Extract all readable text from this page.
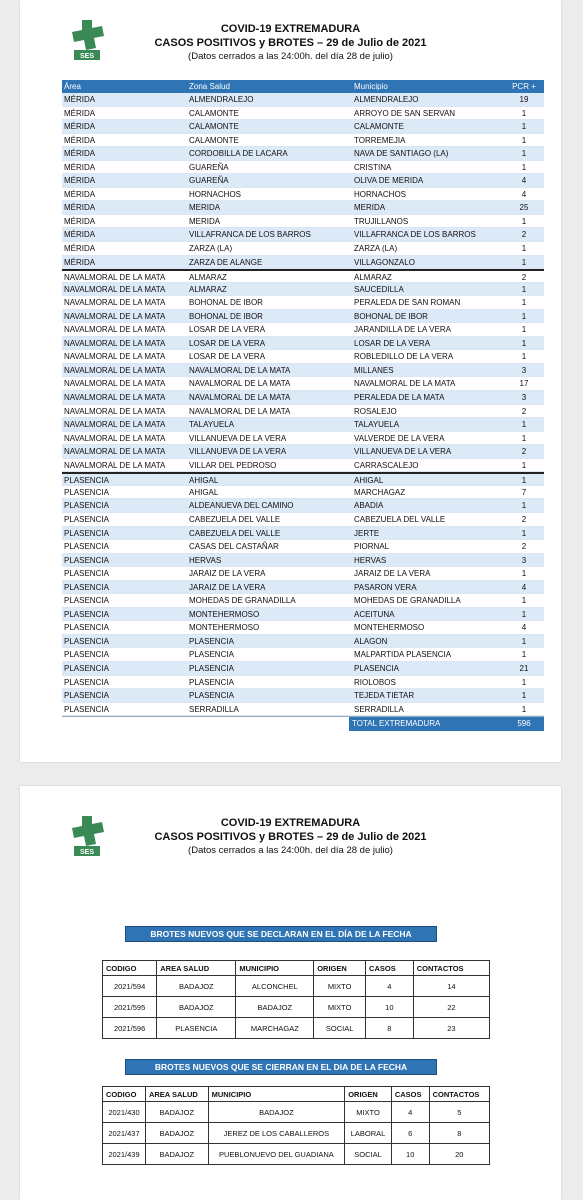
SES
COVID-19 EXTREMADURA
CASOS POSITIVOS y BROTES – 29 de Julio de 2021
(Datos cerrados a las 24:00h. del día 28 de julio)
Área	Zona Salud	Municipio	PCR +
MÉRIDA	ALMENDRALEJO	ALMENDRALEJO	19
MÉRIDA	CALAMONTE	ARROYO DE SAN SERVAN	1
MÉRIDA	CALAMONTE	CALAMONTE	1
MÉRIDA	CALAMONTE	TORREMEJIA	1
MÉRIDA	CORDOBILLA DE LACARA	NAVA DE SANTIAGO (LA)	1
MÉRIDA	GUAREÑA	CRISTINA	1
MÉRIDA	GUAREÑA	OLIVA DE MERIDA	4
MÉRIDA	HORNACHOS	HORNACHOS	4
MÉRIDA	MERIDA	MERIDA	25
MÉRIDA	MERIDA	TRUJILLANOS	1
MÉRIDA	VILLAFRANCA DE LOS BARROS	VILLAFRANCA DE LOS BARROS	2
MÉRIDA	ZARZA (LA)	ZARZA (LA)	1
MÉRIDA	ZARZA DE ALANGE	VILLAGONZALO	1
NAVALMORAL DE LA MATA	ALMARAZ	ALMARAZ	2
NAVALMORAL DE LA MATA	ALMARAZ	SAUCEDILLA	1
NAVALMORAL DE LA MATA	BOHONAL DE IBOR	PERALEDA DE SAN ROMAN	1
NAVALMORAL DE LA MATA	BOHONAL DE IBOR	BOHONAL DE IBOR	1
NAVALMORAL DE LA MATA	LOSAR DE LA VERA	JARANDILLA DE LA VERA	1
NAVALMORAL DE LA MATA	LOSAR DE LA VERA	LOSAR DE LA VERA	1
NAVALMORAL DE LA MATA	LOSAR DE LA VERA	ROBLEDILLO DE LA VERA	1
NAVALMORAL DE LA MATA	NAVALMORAL DE LA MATA	MILLANES	3
NAVALMORAL DE LA MATA	NAVALMORAL DE LA MATA	NAVALMORAL DE LA MATA	17
NAVALMORAL DE LA MATA	NAVALMORAL DE LA MATA	PERALEDA DE LA MATA	3
NAVALMORAL DE LA MATA	NAVALMORAL DE LA MATA	ROSALEJO	2
NAVALMORAL DE LA MATA	TALAYUELA	TALAYUELA	1
NAVALMORAL DE LA MATA	VILLANUEVA DE LA VERA	VALVERDE DE LA VERA	1
NAVALMORAL DE LA MATA	VILLANUEVA DE LA VERA	VILLANUEVA DE LA VERA	2
NAVALMORAL DE LA MATA	VILLAR DEL PEDROSO	CARRASCALEJO	1
PLASENCIA	AHIGAL	AHIGAL	1
PLASENCIA	AHIGAL	MARCHAGAZ	7
PLASENCIA	ALDEANUEVA DEL CAMINO	ABADIA	1
PLASENCIA	CABEZUELA DEL VALLE	CABEZUELA DEL VALLE	2
PLASENCIA	CABEZUELA DEL VALLE	JERTE	1
PLASENCIA	CASAS DEL CASTAÑAR	PIORNAL	2
PLASENCIA	HERVAS	HERVAS	3
PLASENCIA	JARAIZ DE LA VERA	JARAIZ DE LA VERA	1
PLASENCIA	JARAIZ DE LA VERA	PASARON VERA	4
PLASENCIA	MOHEDAS DE GRANADILLA	MOHEDAS DE GRANADILLA	1
PLASENCIA	MONTEHERMOSO	ACEITUNA	1
PLASENCIA	MONTEHERMOSO	MONTEHERMOSO	4
PLASENCIA	PLASENCIA	ALAGON	1
PLASENCIA	PLASENCIA	MALPARTIDA PLASENCIA	1
PLASENCIA	PLASENCIA	PLASENCIA	21
PLASENCIA	PLASENCIA	RIOLOBOS	1
PLASENCIA	PLASENCIA	TEJEDA TIETAR	1
PLASENCIA	SERRADILLA	SERRADILLA	1
TOTAL EXTREMADURA	596
SES
COVID-19 EXTREMADURA
CASOS POSITIVOS y BROTES – 29 de Julio de 2021
(Datos cerrados a las 24:00h. del día 28 de julio)
BROTES NUEVOS QUE SE DECLARAN EN EL DÍA DE LA FECHA
CODIGO	AREA SALUD	MUNICIPIO	ORIGEN	CASOS	CONTACTOS
2021/594	BADAJOZ	ALCONCHEL	MIXTO	4	14
2021/595	BADAJOZ	BADAJOZ	MIXTO	10	22
2021/596	PLASENCIA	MARCHAGAZ	SOCIAL	8	23
BROTES NUEVOS QUE SE CIERRAN EN EL DIA DE LA FECHA
CODIGO	AREA SALUD	MUNICIPIO	ORIGEN	CASOS	CONTACTOS
2021/430	BADAJOZ	BADAJOZ	MIXTO	4	5
2021/437	BADAJOZ	JEREZ DE LOS CABALLEROS	LABORAL	6	8
2021/439	BADAJOZ	PUEBLONUEVO DEL GUADIANA	SOCIAL	10	20
